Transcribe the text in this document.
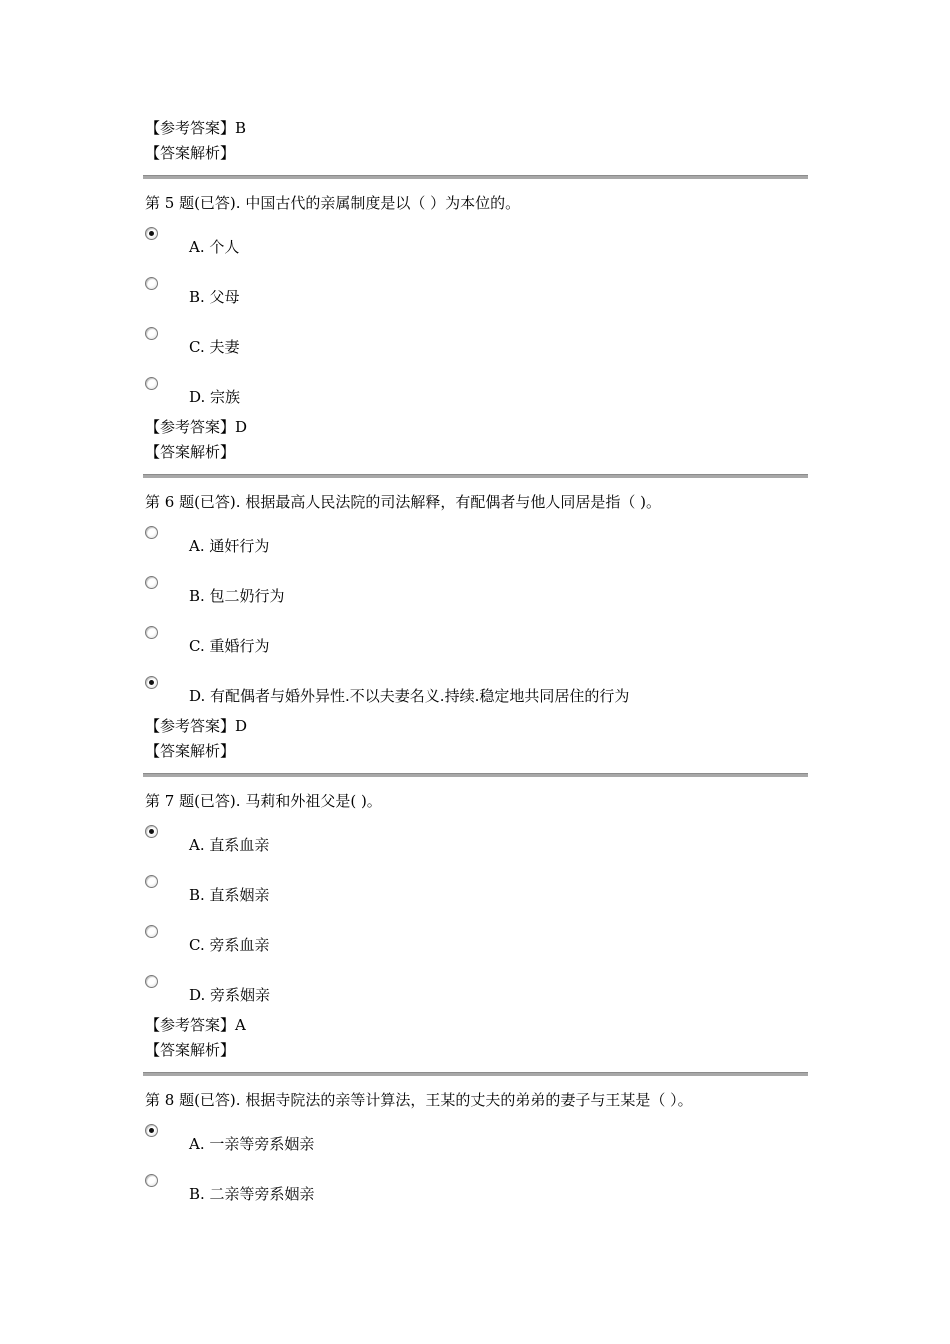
【参考答案】B
【答案解析】
第 5 题(已答). 中国古代的亲属制度是以（ ）为本位的。
A. 个人
B. 父母
C. 夫妻
D. 宗族
【参考答案】D
【答案解析】
第 6 题(已答). 根据最高人民法院的司法解释，有配偶者与他人同居是指（ )。
A. 通奸行为
B. 包二奶行为
C. 重婚行为
D. 有配偶者与婚外异性.不以夫妻名义.持续.稳定地共同居住的行为
【参考答案】D
【答案解析】
第 7 题(已答). 马莉和外祖父是( )。
A. 直系血亲
B. 直系姻亲
C. 旁系血亲
D. 旁系姻亲
【参考答案】A
【答案解析】
第 8 题(已答). 根据寺院法的亲等计算法，王某的丈夫的弟弟的妻子与王某是（ ）。
A. 一亲等旁系姻亲
B. 二亲等旁系姻亲
